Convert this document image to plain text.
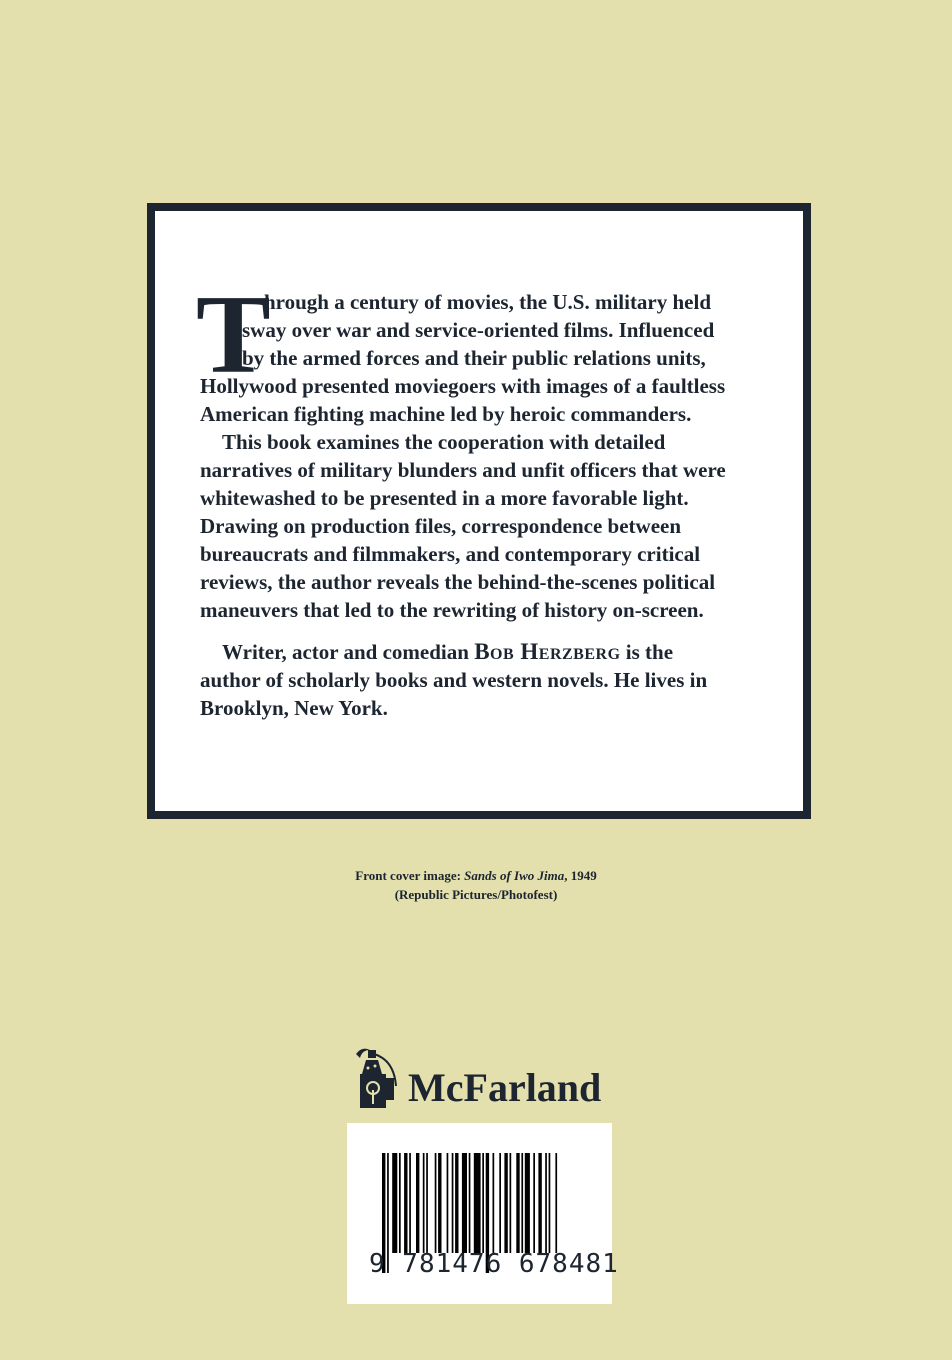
T
hrough a century of movies, the U.S. military held
sway over war and service-oriented films. Influenced
by the armed forces and their public relations units,
Hollywood presented moviegoers with images of a faultless
American fighting machine led by heroic commanders.
This book examines the cooperation with detailed
narratives of military blunders and unfit officers that were
whitewashed to be presented in a more favorable light.
Drawing on production files, correspondence between
bureaucrats and filmmakers, and contemporary critical
reviews, the author reveals the behind-the-scenes political
maneuvers that led to the rewriting of history on-screen.
Writer, actor and comedian Bob Herzberg is the
author of scholarly books and western novels. He lives in
Brooklyn, New York.
Front cover image: Sands of Iwo Jima, 1949
(Republic Pictures/Photofest)
McFarland
9 781476 678481
